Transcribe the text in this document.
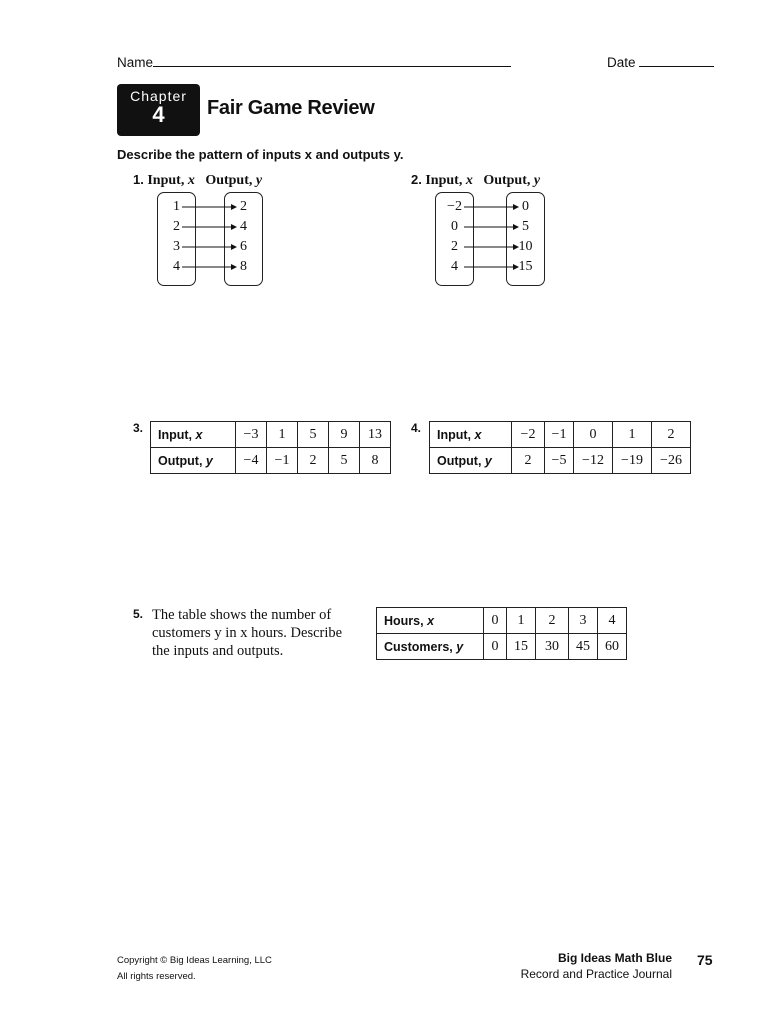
Name	Date
Chapter
4	Fair Game Review
Describe the pattern of inputs x and outputs y.
1. Input, x Output, y
1
2
3
4
2
4
6
8
2. Input, x Output, y
−2
0
2
4
0
5
10
15
3. Input, x	−3	1	5	9	13
Output, y	−4	−1	2	5	8
4. Input, x	−2	−1	0	1	2
Output, y	2	−5	−12	−19	−26
5. The table shows the number of customers y in x hours. Describe the inputs and outputs.
Hours, x	0	1	2	3	4
Customers, y	0	15	30	45	60
Copyright © Big Ideas Learning, LLC
All rights reserved.
Big Ideas Math Blue
Record and Practice Journal
75
